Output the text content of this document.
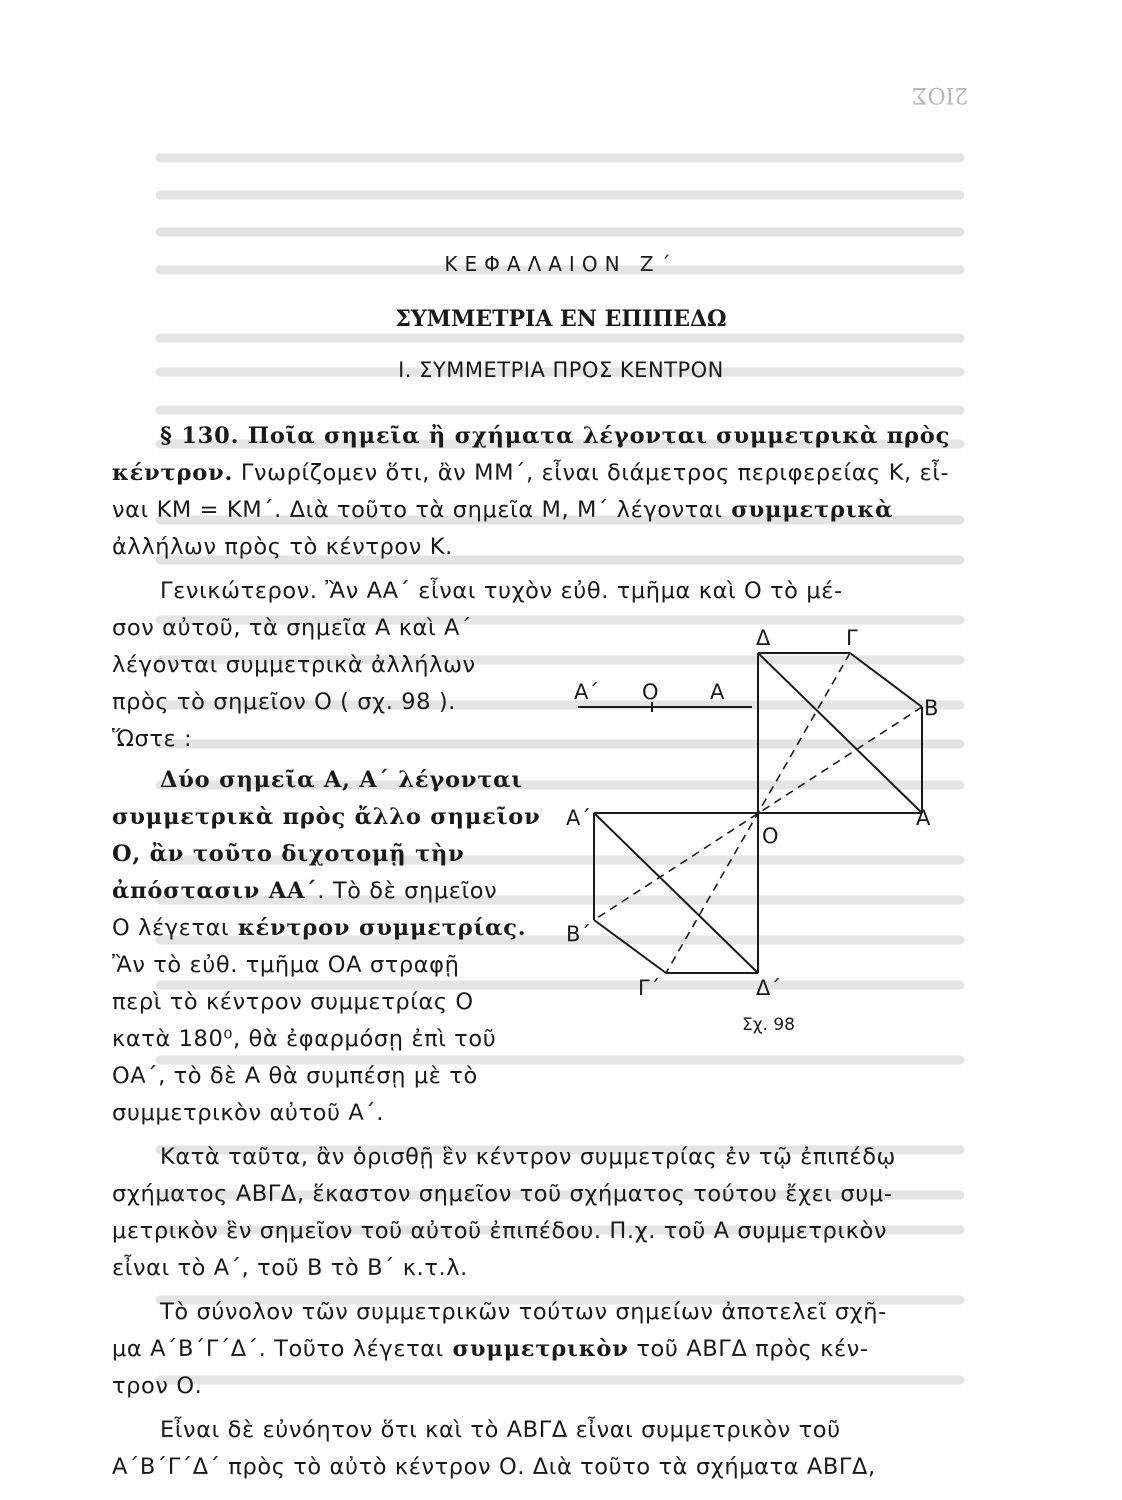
2ΙΟΣ
ΚΕΦΑΛΑΙΟΝ Ζ΄
ΣΥΜΜΕΤΡΙΑ ΕΝ ΕΠΙΠΕΔΩ
Ι. ΣΥΜΜΕΤΡΙΑ ΠΡΟΣ ΚΕΝΤΡΟΝ
§ 130. Ποῖα σημεῖα ἢ σχήματα λέγονται συμμετρικὰ πρὸς
κέντρον. Γνωρίζομεν ὅτι, ἂν ΜΜ΄, εἶναι διάμετρος περιφερείας Κ, εἶ-
ναι ΚΜ = ΚΜ΄. Διὰ τοῦτο τὰ σημεῖα Μ, Μ΄ λέγονται συμμετρικὰ
ἀλλήλων πρὸς τὸ κέντρον Κ.
Γενικώτερον. Ἂν ΑΑ΄ εἶναι τυχὸν εὐθ. τμῆμα καὶ Ο τὸ μέ-
σον αὐτοῦ, τὰ σημεῖα Α καὶ Α΄
λέγονται συμμετρικὰ ἀλλήλων
πρὸς τὸ σημεῖον Ο ( σχ. 98 ).
Ὥστε :
Δύο σημεῖα Α, Α΄ λέγονται
συμμετρικὰ πρὸς ἄλλο σημεῖον
Ο, ἂν τοῦτο διχοτομῇ τὴν
ἀπόστασιν ΑΑ΄. Τὸ δὲ σημεῖον
Ο λέγεται κέντρον συμμετρίας.
Ἂν τὸ εὐθ. τμῆμα ΟΑ στραφῇ
περὶ τὸ κέντρον συμμετρίας Ο
κατὰ 180⁰, θὰ ἐφαρμόσῃ ἐπὶ τοῦ
ΟΑ΄, τὸ δὲ Α θὰ συμπέσῃ μὲ τὸ
συμμετρικὸν αὐτοῦ Α΄.
Κατὰ ταῦτα, ἂν ὁρισθῇ ἓν κέντρον συμμετρίας ἐν τῷ ἐπιπέδῳ
σχήματος ΑΒΓΔ, ἕκαστον σημεῖον τοῦ σχήματος τούτου ἔχει συμ-
μετρικὸν ἓν σημεῖον τοῦ αὐτοῦ ἐπιπέδου. Π.χ. τοῦ Α συμμετρικὸν
εἶναι τὸ Α΄, τοῦ Β τὸ Β΄ κ.τ.λ.
Τὸ σύνολον τῶν συμμετρικῶν τούτων σημείων ἀποτελεῖ σχῆ-
μα Α΄Β΄Γ΄Δ΄. Τοῦτο λέγεται συμμετρικὸν τοῦ ΑΒΓΔ πρὸς κέν-
τρον Ο.
Εἶναι δὲ εὐνόητον ὅτι καὶ τὸ ΑΒΓΔ εἶναι συμμετρικὸν τοῦ
Α΄Β΄Γ΄Δ΄ πρὸς τὸ αὐτὸ κέντρον Ο. Διὰ τοῦτο τὰ σχήματα ΑΒΓΔ,
Α΄ Ο Α
Δ	Γ
Β
Α
Α΄
Ο
Β΄
Γ΄	Δ΄
Σχ. 98
